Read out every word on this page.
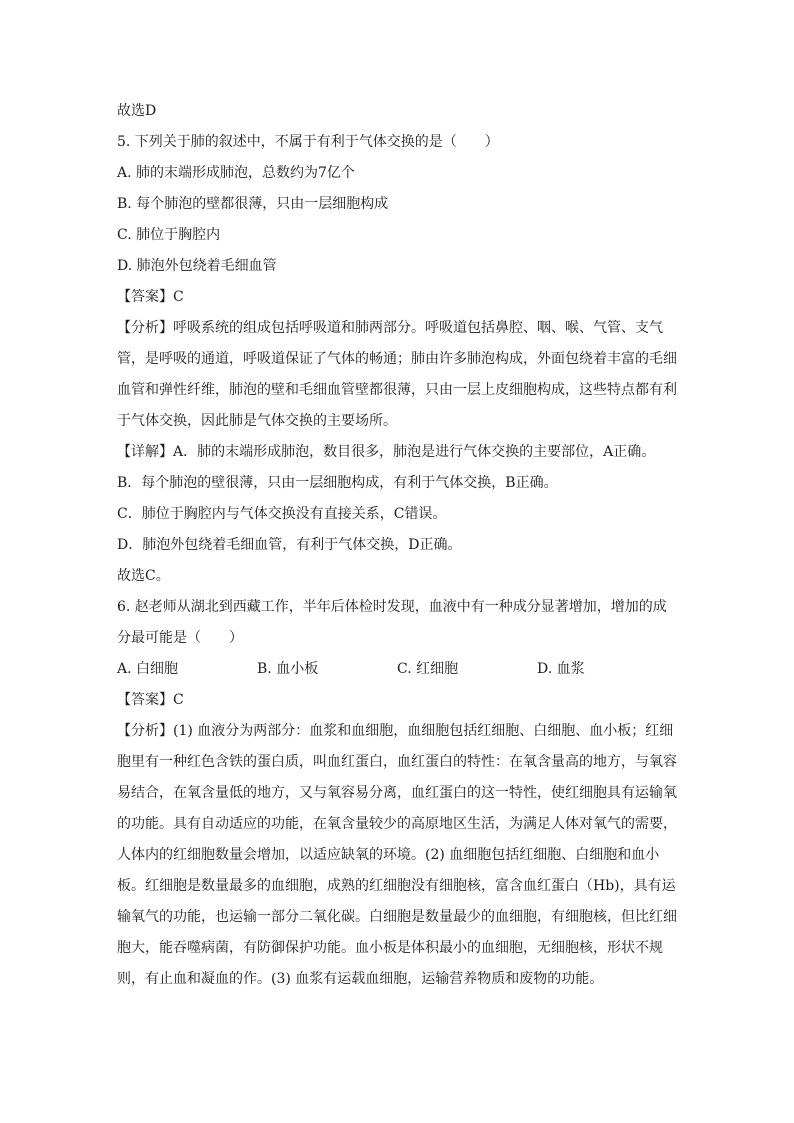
故选D
5. 下列关于肺的叙述中，不属于有利于气体交换的是（　　）
A. 肺的末端形成肺泡，总数约为7亿个
B. 每个肺泡的壁都很薄，只由一层细胞构成
C. 肺位于胸腔内
D. 肺泡外包绕着毛细血管
【答案】C
【分析】呼吸系统的组成包括呼吸道和肺两部分。呼吸道包括鼻腔、咽、喉、气管、支气管，是呼吸的通道，呼吸道保证了气体的畅通；肺由许多肺泡构成，外面包绕着丰富的毛细血管和弹性纤维，肺泡的壁和毛细血管壁都很薄，只由一层上皮细胞构成，这些特点都有利于气体交换，因此肺是气体交换的主要场所。
【详解】A．肺的末端形成肺泡，数目很多，肺泡是进行气体交换的主要部位，A正确。
B．每个肺泡的壁很薄，只由一层细胞构成，有利于气体交换，B正确。
C．肺位于胸腔内与气体交换没有直接关系，C错误。
D．肺泡外包绕着毛细血管，有利于气体交换，D正确。
故选C。
6. 赵老师从湖北到西藏工作，半年后体检时发现，血液中有一种成分显著增加，增加的成分最可能是（　　）
A. 白细胞	B. 血小板	C. 红细胞	D. 血浆
【答案】C
【分析】(1) 血液分为两部分：血浆和血细胞，血细胞包括红细胞、白细胞、血小板；红细胞里有一种红色含铁的蛋白质，叫血红蛋白，血红蛋白的特性：在氧含量高的地方，与氧容易结合，在氧含量低的地方，又与氧容易分离，血红蛋白的这一特性，使红细胞具有运输氧的功能。具有自动适应的功能，在氧含量较少的高原地区生活，为满足人体对氧气的需要，人体内的红细胞数量会增加，以适应缺氧的环境。(2) 血细胞包括红细胞、白细胞和血小板。红细胞是数量最多的血细胞，成熟的红细胞没有细胞核，富含血红蛋白（Hb)，具有运输氧气的功能，也运输一部分二氧化碳。白细胞是数量最少的血细胞，有细胞核，但比红细胞大，能吞噬病菌，有防御保护功能。血小板是体积最小的血细胞，无细胞核，形状不规则，有止血和凝血的作。(3) 血浆有运载血细胞，运输营养物质和废物的功能。
